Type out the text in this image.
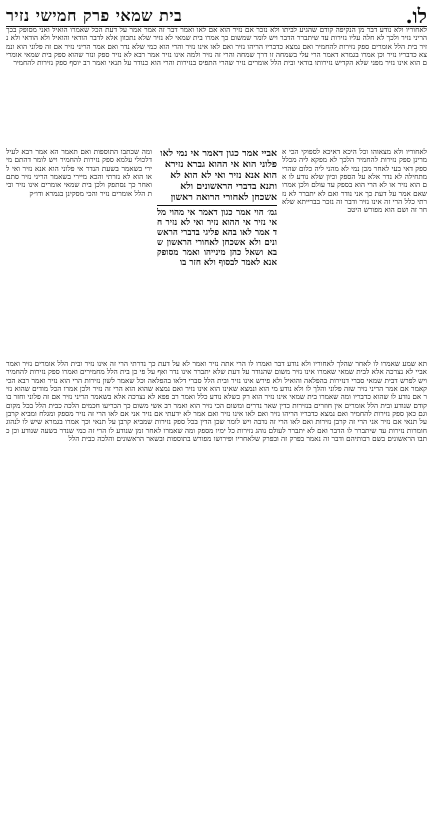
לו.
בית שמאי פרק חמישי נזיר
לאחוריו ולא נודע דבר מן הנקיפה קודם שהגיע לביתו ולא נזכר אם נזיר הוא אם לאו ואמר דבר זה אמר אמר על דעת הכל שאמרו הואיל ואני מסופק בכך הריני נזיר ולכך לא חלה עליו נזירות עד שיתברר הדבר ויש לומר שמשום כך אמרו בית שמאי לא נזיר שלא נתכוון אלא לדבר הודאי והואיל ולא הודאי ולא נזיר בית הלל אומרים ספק נזירות להחמיר ואם נמצא כדבריו הריהו נזיר ואם לאו אינו נזיר והרי הוא כמי שלא נדר ואם אמר הריני נזיר אם זה פלוני הוא ונמצא כדבריו נזיר וכן אמרו בגמרא דאמר הרי עלי בשמחה זו דרך שמחה והרי זה נזיר ולמה אינו נזיר אמר רבא לא נזיר ספק ונזר שהוא ספק בית שמאי אומרים הוא אינו נזיר מפני שלא הקדיש נזירותו בודאי ובית הלל אומרים נזיר שהרי התפיס בנזירות והרי הוא כנודר על תנאי ואמר רב יוסף ספק נזירות להחמיר
לאחוריו ולא מצאוהו וכל היכא דאיכא לספוקי הכי אמרינן ספק נזירות להחמיר הלכך לא מפקא ליה מכלל ספק דאי בעי לאחר מכן נמי לא מהני ליה כלום שהרי מתחילה לא נדר אלא על הספק וכיון שלא נודע לו אם הוא נזיר או לא הרי הוא בספק עד עולם ולכן אמרו שאם אמר על דעת כך אני נודר ואם לא יתברר לא נזרתי כלל הרי זה אינו נזיר ודבר זה נזכר בברייתא שלאחר זה ושם הוא מפורש היטב
אביי אמר כגון דאמר אי נמי לאו פלוני הוא אי ההוא גברא נזירא הוא אנא נזיר ואי לא הוא לא ותנא בדברי הראשונים ולא אשכחן לאחורי הרואה ראשון
גמ׳ הוי אמר כגון דאמר אי מהוי מלאי נזיר אי ההוא נזיר ואי לא נזיר חד אמר לאו בהא פליגי בדברי הראשונים ולא אשכחן לאחורי הראשון שבא ושאל כהן מינייהו ואמר מסופק אנא לאמר לבסוף ולא חזר בו
ומה שכתבו התוספות ואם תאמר הא אמר רבא לעיל דלכולי עלמא ספק נזירות להחמיר ויש לומר דהתם מיירי בשאמר בשעת הנדר אי פלוני הוא אנא נזיר ואי לאו הוא לא נזרתי והכא מיירי בשאמר הריני נזיר סתם ואחר כך נסתפק ולכן בית שמאי אומרים אינו נזיר ובית הלל אומרים נזיר והכי מסקינן בגמרא ודו״ק
תא שמע שאמרו לו לאחר שהלך לאחוריו ולא נודע דבר ואמרו לו הרי אתה נזיר ואמר לא על דעת כך נדרתי הרי זה אינו נזיר ובית הלל אומרים נזיר ואמר אביי לא נצרכה אלא לבית שמאי שאמרו אינו נזיר משום שהנודר על דעת שלא יתברר אינו נדר ואף על פי כן בית הלל מחמירים ואמרו ספק נזירות להחמיר ויש לפרש דבית שמאי סברי דנזירות בהפלאה והואיל ולא פירש אינו נזיר ובית הלל סברי דלאו בהפלאה וכל שאמר לשון נזירות הרי הוא נזיר ואמר רבא הכי קאמר אם אמר הריני נזיר שזה פלוני והלך לו ולא נודע מי הוא ונמצא שאינו הוא אינו נזיר ואם נמצא שהוא הוא הרי זה נזיר ולכן אמרו הכל מודים שהוא נזיר אם נודע לו שהוא כדבריו ומה שאמרו בית שמאי אינו נזיר הוא רק כשלא נודע כלל ואמר רב פפא לא נצרכה אלא בשאמר הריני נזיר אם זה פלוני וחזר בו קודם שנודע ובית הלל אומרים אין חוזרים בנזירות כדין שאר נדרים ומשום הכי נזיר הוא ואמר רב אשי משום כך הכריעו חכמים הלכה כבית הלל בכל מקום וגם כאן ספק נזירות להחמיר ואם נמצא כדבריו הריהו נזיר ואם לאו אינו נזיר ואם אמר לא ידעתי אם נזיר אני אם לאו הרי זה נזיר מספק ומגלח ומביא קרבן על תנאי אם נזיר אני הרי זה קרבן נזירות ואם לאו הרי זה נדבה ויש לומר שכן הדין בכל ספק נזירות שמביא קרבן על תנאי וכך אמרו בגמרא שיש לו לנהוג חומרות נזירות עד שיתברר לו הדבר ואם לא יתברר לעולם נוהג נזירות כל ימיו מספק ומה שאמרו לאחר זמן שנודע לו הרי זה כמי שנדר בשעה שנודע וכן כתבו הראשונים בשם רבותיהם ודבר זה נאמר בפרק זה ובפרק שלאחריו ופירושו מפורש בתוספות ובשאר הראשונים והלכה כבית הלל
